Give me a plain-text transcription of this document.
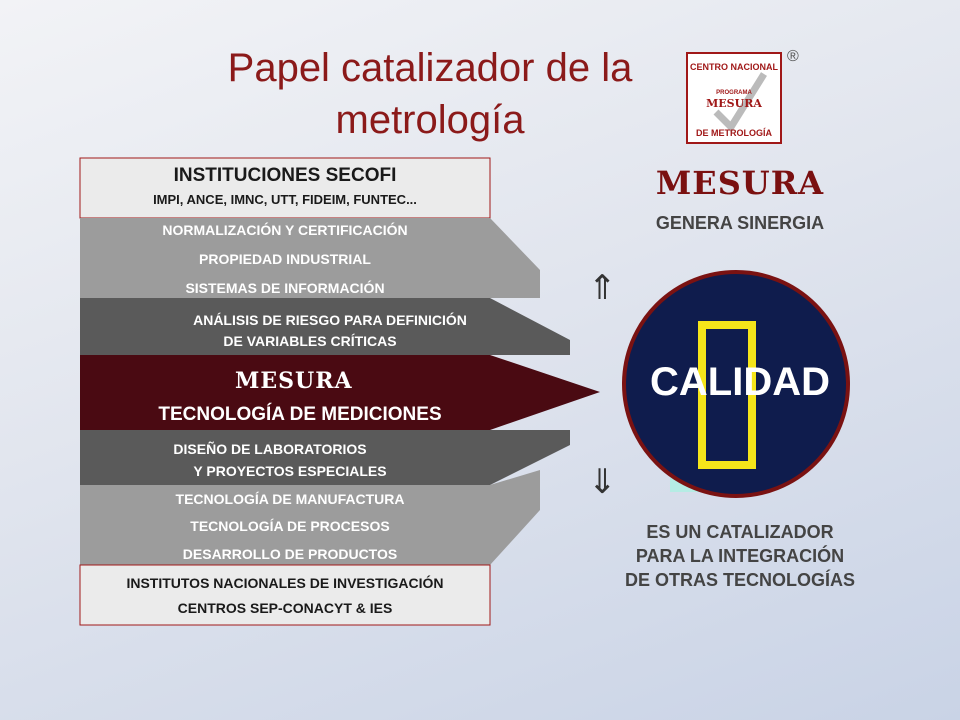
Papel catalizador de la
metrología
CENTRO NACIONAL
PROGRAMA
MESURA
DE METROLOGÍA
®
INSTITUCIONES SECOFI
IMPI, ANCE, IMNC, UTT, FIDEIM, FUNTEC...
NORMALIZACIÓN Y CERTIFICACIÓN
PROPIEDAD INDUSTRIAL
SISTEMAS DE INFORMACIÓN
ANÁLISIS DE RIESGO PARA DEFINICIÓN
DE VARIABLES CRÍTICAS
MESURA
TECNOLOGÍA DE MEDICIONES
DISEÑO DE LABORATORIOS
Y PROYECTOS ESPECIALES
TECNOLOGÍA DE MANUFACTURA
TECNOLOGÍA DE PROCESOS
DESARROLLO DE PRODUCTOS
INSTITUTOS NACIONALES DE INVESTIGACIÓN
CENTROS SEP-CONACYT & IES
MESURA
GENERA SINERGIA
⇑
⇓
CALIDAD
ES UN CATALIZADOR
PARA LA INTEGRACIÓN
DE OTRAS TECNOLOGÍAS
